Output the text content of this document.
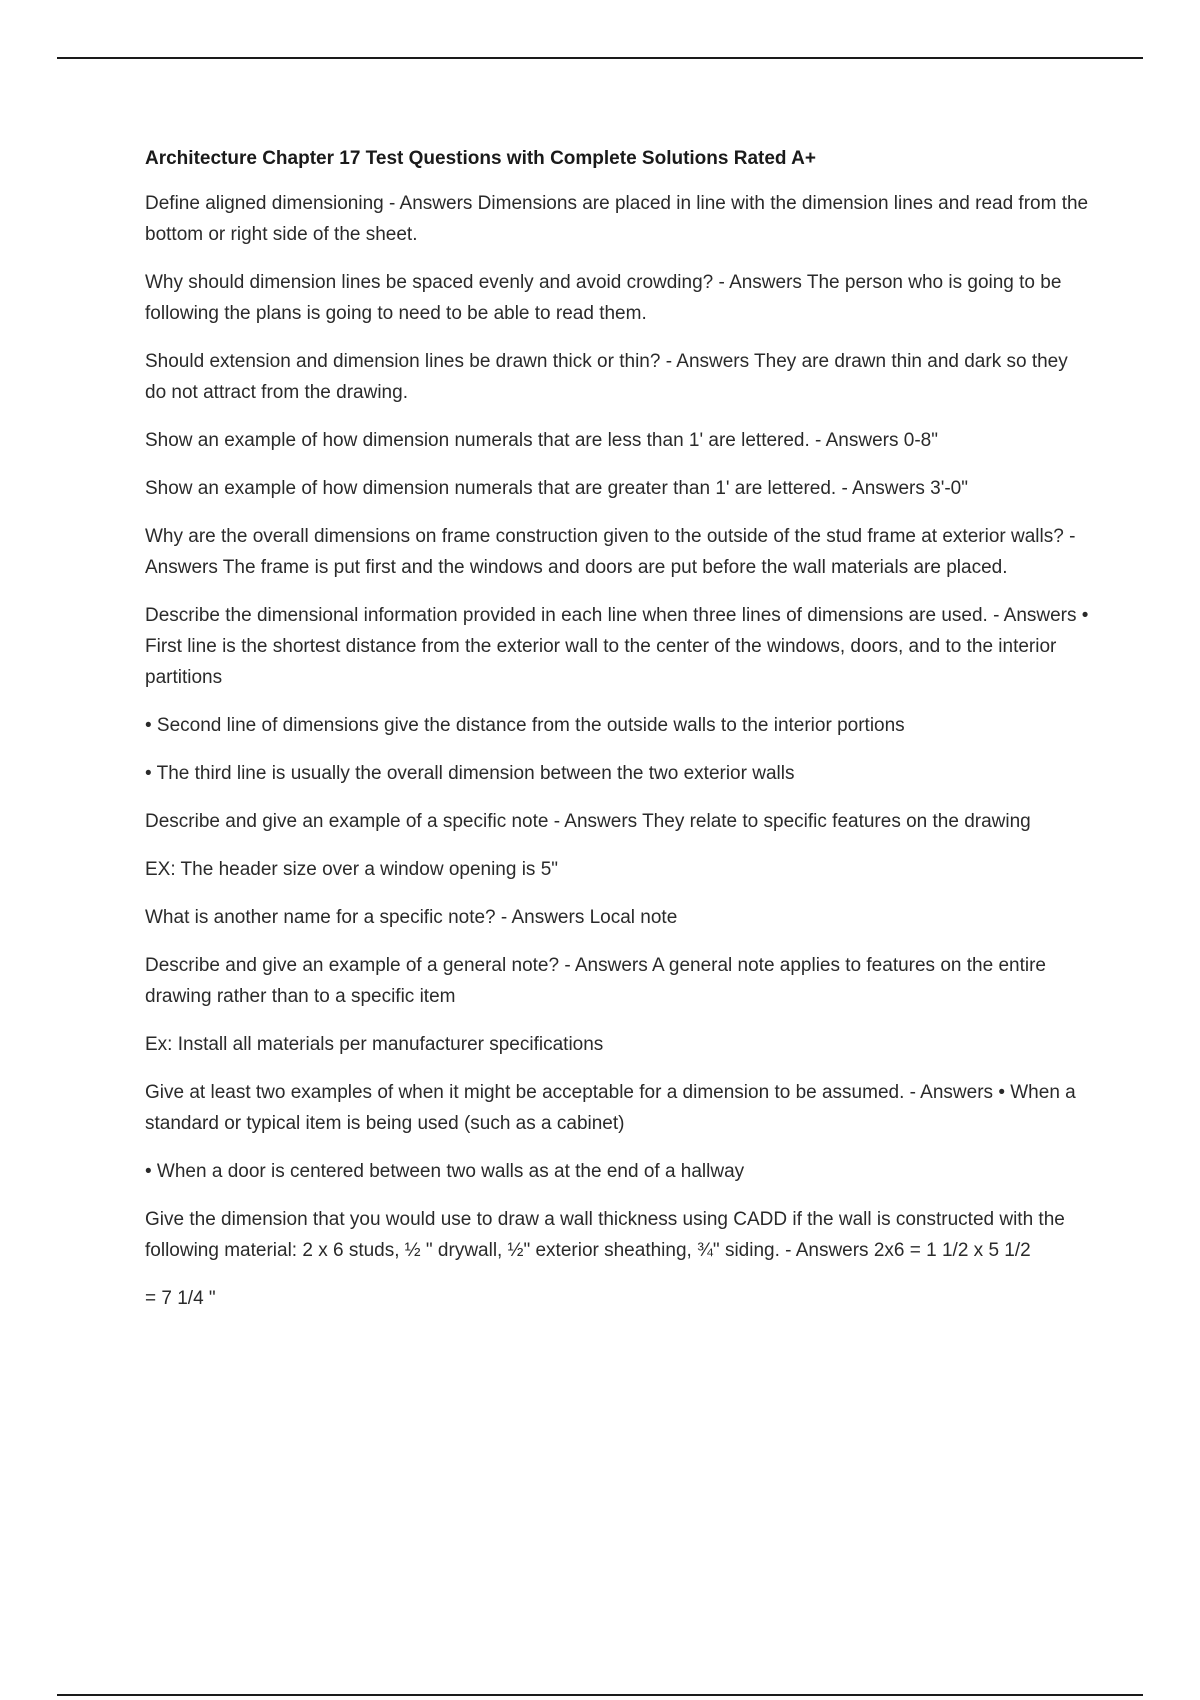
Architecture Chapter 17 Test Questions with Complete Solutions Rated A+

Define aligned dimensioning - Answers Dimensions are placed in line with the dimension lines and read from the bottom or right side of the sheet.

Why should dimension lines be spaced evenly and avoid crowding? - Answers The person who is going to be following the plans is going to need to be able to read them.

Should extension and dimension lines be drawn thick or thin? - Answers They are drawn thin and dark so they do not attract from the drawing.

Show an example of how dimension numerals that are less than 1' are lettered. - Answers 0-8"

Show an example of how dimension numerals that are greater than 1' are lettered. - Answers 3'-0"

Why are the overall dimensions on frame construction given to the outside of the stud frame at exterior walls? - Answers The frame is put first and the windows and doors are put before the wall materials are placed.

Describe the dimensional information provided in each line when three lines of dimensions are used. - Answers • First line is the shortest distance from the exterior wall to the center of the windows, doors, and to the interior partitions

• Second line of dimensions give the distance from the outside walls to the interior portions

• The third line is usually the overall dimension between the two exterior walls

Describe and give an example of a specific note - Answers They relate to specific features on the drawing

EX: The header size over a window opening is 5"

What is another name for a specific note? - Answers Local note

Describe and give an example of a general note? - Answers A general note applies to features on the entire drawing rather than to a specific item

Ex: Install all materials per manufacturer specifications

Give at least two examples of when it might be acceptable for a dimension to be assumed. - Answers • When a standard or typical item is being used (such as a cabinet)

• When a door is centered between two walls as at the end of a hallway

Give the dimension that you would use to draw a wall thickness using CADD if the wall is constructed with the following material: 2 x 6 studs, ½ " drywall, ½" exterior sheathing, ¾" siding. - Answers 2x6 = 1 1/2 x 5 1/2

= 7 1/4 "
